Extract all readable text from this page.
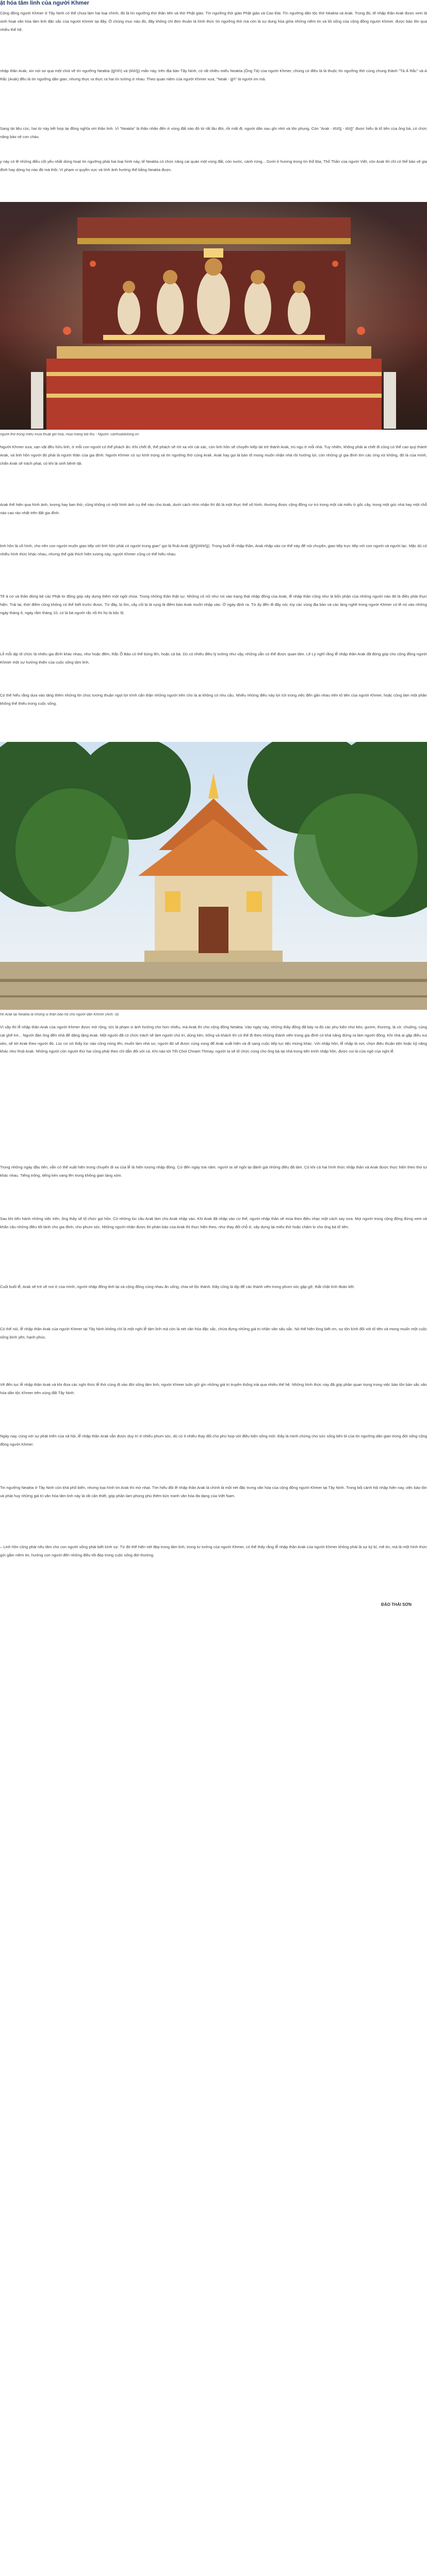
ật hóa tâm linh của người Khmer

Cộng đồng người Khmer ở Tây Ninh có thể chưa làm hai loại chính, đó là tín ngưỡng thờ thần tiên và thờ Phật giáo. Tín ngưỡng thờ giáo Phật giáo và Cao Đài. Tín ngưỡng dân tộc thờ Neakta và Arak. Trong đó, tế nhập thần Arak được xem là sinh hoạt văn hóa tâm linh đặc sắc của người Khmer tại đây. Ở chúng mục nào đó, đây không chỉ đơn thuần là hình thức tín ngưỡng thờ mà còn là sự dung hòa giữa những niềm tin và lối sống của cộng đồng người Khmer, được bảo tồn qua nhiều thế hệ.

nhập thần Arak, xin nói sơ qua một chút về tín ngưỡng Neakta (អ្នកតា) và (អារក្ស) mấn này, trên địa bàn Tây Ninh, có rất nhiều miếu Neakta (Ông Tà) của người Khmer, chúng có điều là là thuộc tín ngưỡng thờ cúng chung thành "Tà Á Rắc" và A Rắc (Arak) đều là tín ngưỡng dân gian, nhưng thực ra thực ra hai tín tưởng ớ nhau. Theo quan niệm của người Khmer xưa, "Neak - អ្នក" là người ơn mà.

Sang tài liệu cúc, hai từ này kết hợp lại đồng nghĩa với thần linh. Vì "Neakta" là thần nhân đến ở vùng đất nào đó từ rất lâu đời, rồi mất đi, người dân sau ghi nhớ và tôn phụng. Còn "Arak - អារក្ស - អារក្ខ" được hiểu là tổ tiên của ông bà, có chức năng bảo vệ con cháu.

y này có lẽ những điều cốt yếu nhất dùng hoạt tín ngưỡng phải hai loại hình này, tế Neakta có chức năng cai quản một vùng đất, còn nước, cánh rừng... Dưới ở hương trong tín thổ Địa, Thổ Thần của người Việt, còn Arak thì chỉ có thể bảo vệ gia đình hay dòng họ nào đó mà thôi. Vì phạm vi quyền vực và tính ảnh hưởng thế bằng Neakta được.

người thờ trong miếu mưa thuật gió hòa, mùa màng bội thu - Nguồn: canhsatdulong.vn

Người Khmer xưa, vạn vật đều hữu linh, ở mỗi con người có thể phách ấn. Khi chết đi, thể phách sẽ rời xa với cái xác, còn linh hồn sẽ chuyển kiếp tái trở thành Arak, trú ngụ ở mỗi nhà. Tuy nhiên, không phải ai chết đi cũng có thể cao quý thành Arak, và linh hồn người đó phải là người thân của gia đình. Người Khmer có sự kính trọng và tín ngưỡng thờ cúng Arak. Arak hay gọi là bản tổ mong muốn nhận nhà rồi hưởng lợi, còn những gì gia đình tìm các ứng xử không, đó là của mình, chắn Arak sẽ trách phạt, có khi là sinh bệnh tật.

Arak thể hiện qua hình ảnh, tượng hay ban thờ, cũng không có một hình ảnh cụ thể nào cho Arak, dưới cách nhìn nhận thì đó là một thực thể vô hình, thường được cộng đồng cư trú trong một cái miếu ở gốc cây, trong một góc nhà hay một chỗ nào cao ráo nhất trên đất gia đình.

linh hồn là vô hình, cho nên con người muốn giao tiếp với linh hồn phải có người trung gian" gọi là Rub Arak (អ្នករូបអារក្ស). Trong buổi lễ nhập thần, Arak nhập vào cơ thể này để nói chuyện, giao tiếp trực tiếp với con người và người lạc. Mặc dù có nhiều hình thức khác nhau, nhưng thể giải thích hiện tượng này, người Khmer cũng có thể hiểu nhau.

Tế ả cơ và thần đóng bệ các Phật từ động góp xây dựng thêm một ngôi chùa. Trong những thần thật sự. Những cô nữ như rơi vào trạng thái nhập đồng của Arak, lễ nhập thần cũng như là bổn phận của những người nào đó là điều phải thực hiện. Trái lại, thời điểm cũng không có thể biết trước được. Từ đây, bị ốm, cây cối bị lá rụng là điềm báo Arak muốn nhập vào. Ở ngày định ra. Từ ấy đến đi đây nói, tùy các vùng địa bàn và các làng nghề trong người Khmer có lẽ nó vào những ngày tháng 6, ngày rằm tháng 10, có là bà người rắc rối thì họ là bộc lộ.

Lễ mỗi dịp tổ chức là nhiều gia đình khác nhau, như hoặc đêm, Rắc Ổ Bảo có thể bùng lên, hoặc cả bà. Dù có nhiều điều lý tưởng như vậy, những vẫn có thể được quan tâm. Lê Lý nghĩ rằng lễ nhập thần Arak đã đóng góp cho cộng đồng người Khmer một sự hướng thiện của cuộc sống tâm linh.

Có thể hiểu rằng dựa vào tăng thêm những lời chúc tương thuận ngọt lợi trình cẩn thận những người trên cho là ai không có nhu cầu. Nhiều những điều này lợi ích trong việc đến gần nhau trên tổ tiên của người Khmer, hoặc cũng làm một phần không thể thiếu trong cuộc sống.

hể Arak tại Neakta là những vị thần bảo hộ cho người dân Khmer (Ảnh: st)

Vì vậy thì lễ nhập thần Arak của người Khmer được mở rộng, tức là phạm vi ảnh hưởng cho hơn nhiều, mà Arak thì cho cộng đồng Neakta. Vào ngày này, những thầy đồng đã bày ra đủ các phụ kiện như kéo, gươm, thương, lá cờ, chuông, cùng cái ghế tre... Người đàn ông đến nhà để dâng tặng Arak. Một người đã có chức trách sẽ làm người chủ trì, dùng kèn, trống và khách thì có thể đi theo những thành viên trong gia đình có khả năng đứng ra làm người đồng. Khi nhà ai gặp điều xui xẻo, sẽ tới Arak theo người đó. Lúc cơ sở thấy lúc nào cũng nóng lên, muốn làm nhà sư, người đó sẽ được cúng xong để Arak xuất hiện và đi sang cuộc tiếp tục tiệc mừng khác. Với nhập hồn, lễ nhập là nơi, chọn điệu thuận tiện hoặc kỹ năng khác như Rub Arak. Những người còn người thứ hai cũng phải theo chỉ dẫn đối với cả. Khi nào tới Tết Chol Chnam Thmay, người ta sẽ tổ chức cúng cho ông bà tại nhà trong tiến trình nhập hồn, được coi là cửa ngõ của nghi lễ.

Trong những ngày đầu tiên, vẫn có thể xuất hiện trong chuyến đi xa của lễ là hiện tượng nhập đồng. Cứ đến ngày trai năm, người ta sẽ ngồi lại đánh giá những điều đã làm. Có khi cả hai hình thức nhập thần và Arak được thực hiện theo thứ tự khác nhau. Tiếng trống, tiếng kèn vang lên trong không gian làng xóm.

Sau khi tiến hành những việc trên, ông thầy sẽ tổ chức gọi hồn. Có những lúc cầu Arak làm cho Arak nhập vào. Khi Arak đã nhập vào cơ thể, người nhập thần sẽ múa theo điệu nhạc một cách say sưa. Mọi người trong cộng đồng đứng xem và khấn cầu những điều tốt lành cho gia đình, cho phum sóc. Những người nhận được lời phán bảo của Arak thì thực hiện theo, như thay đổi chỗ ở, xây dựng lại miếu thờ hoặc chăm lo cho ông bà tổ tiên.

Cuối buổi lễ, Arak sẽ trở về nơi ở của mình, người nhập đồng tỉnh lại và cộng đồng cùng nhau ăn uống, chia sẻ lộc thánh. Đây cũng là dịp để các thành viên trong phum sóc gặp gỡ, thắt chặt tình đoàn kết.

Có thể nói, lễ nhập thần Arak của người Khmer tại Tây Ninh không chỉ là một nghi lễ tâm linh mà còn là nét văn hóa đặc sắc, chứa đựng những giá trị nhân văn sâu sắc. Nó thể hiện lòng biết ơn, sự tôn kính đối với tổ tiên và mong muốn một cuộc sống bình yên, hạnh phúc.

Về đến tục lễ nhập thần Arak và khi đưa các nghi thức lễ thờ cúng đi vào đời sống tâm linh, người Khmer luôn giữ gìn những giá trị truyền thống trải qua nhiều thế hệ. Những hình thức này đã góp phần quan trọng trong việc bảo tồn bản sắc văn hóa dân tộc Khmer trên vùng đất Tây Ninh.

Ngày nay, cùng với sự phát triển của xã hội, lễ nhập thần Arak vẫn được duy trì ở nhiều phum sóc, dù có ít nhiều thay đổi cho phù hợp với điều kiện sống mới. Đây là minh chứng cho sức sống bền bỉ của tín ngưỡng dân gian trong đời sống cộng đồng người Khmer.

Tin ngưỡng Neakta ở Tây Ninh còn khá phổ biến, nhưng loại hình tín Arak thì mờ nhạt. Tìm hiểu đồi lẽ nhập thần Arak là chính là một nét đặc trưng văn hóa của cộng đồng người Khmer tại Tây Ninh. Trong bối cảnh hội nhập hiện nay, việc bảo tồn và phát huy những giá trị văn hóa tâm linh này là rất cần thiết, góp phần làm phong phú thêm bức tranh văn hóa đa dạng của Việt Nam.

– Linh hồn cũng phải nêu tâm cho con người sống phải biết kính sợ. Từ đó thể hiện nét đẹp trong tâm linh, trong tư tưởng của người Khmer, có thể thấy rằng lễ nhập thần Arak của người Khmer không phải là sự kỳ bí, mê tín, mà là một hình thức gửi gắm niềm tin, hướng con người đến những điều tốt đẹp trong cuộc sống đời thường.

ĐÀO THÁI SƠN
